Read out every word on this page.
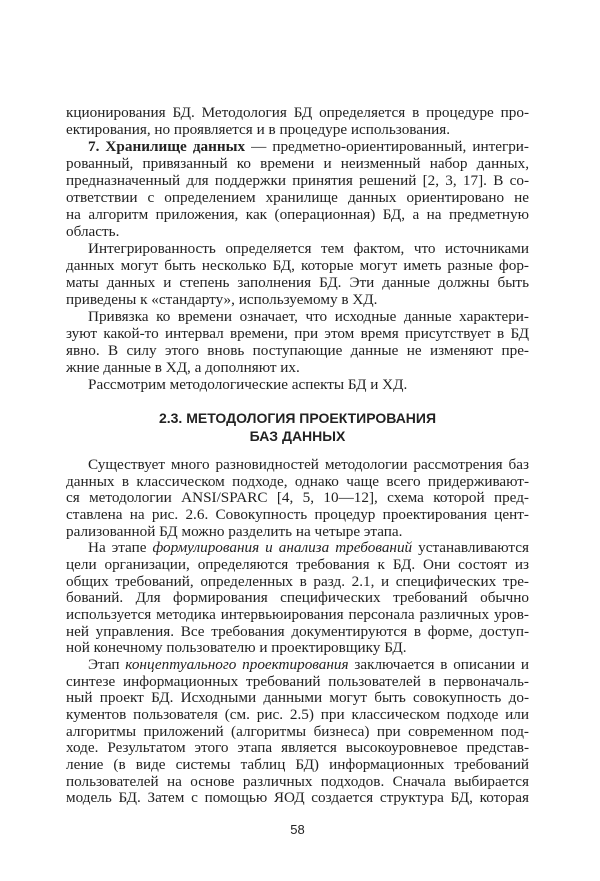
кционирования БД. Методология БД определяется в процедуре про-
ектирования, но проявляется и в процедуре использования.
7. Хранилище данных — предметно-ориентированный, интегри-
рованный, привязанный ко времени и неизменный набор данных,
предназначенный для поддержки принятия решений [2, 3, 17]. В со-
ответствии с определением хранилище данных ориентировано не
на алгоритм приложения, как (операционная) БД, а на предметную
область.
Интегрированность определяется тем фактом, что источниками
данных могут быть несколько БД, которые могут иметь разные фор-
маты данных и степень заполнения БД. Эти данные должны быть
приведены к «стандарту», используемому в ХД.
Привязка ко времени означает, что исходные данные характери-
зуют какой-то интервал времени, при этом время присутствует в БД
явно. В силу этого вновь поступающие данные не изменяют пре-
жние данные в ХД, а дополняют их.
Рассмотрим методологические аспекты БД и ХД.
2.3. МЕТОДОЛОГИЯ ПРОЕКТИРОВАНИЯ
БАЗ ДАННЫХ
Существует много разновидностей методологии рассмотрения баз
данных в классическом подходе, однако чаще всего придерживают-
ся методологии ANSI/SPARC [4, 5, 10—12], схема которой пред-
ставлена на рис. 2.6. Совокупность процедур проектирования цент-
рализованной БД можно разделить на четыре этапа.
На этапе формулирования и анализа требований устанавливаются
цели организации, определяются требования к БД. Они состоят из
общих требований, определенных в разд. 2.1, и специфических тре-
бований. Для формирования специфических требований обычно
используется методика интервьюирования персонала различных уров-
ней управления. Все требования документируются в форме, доступ-
ной конечному пользователю и проектировщику БД.
Этап концептуального проектирования заключается в описании и
синтезе информационных требований пользователей в первоначаль-
ный проект БД. Исходными данными могут быть совокупность до-
кументов пользователя (см. рис. 2.5) при классическом подходе или
алгоритмы приложений (алгоритмы бизнеса) при современном под-
ходе. Результатом этого этапа является высокоуровневое представ-
ление (в виде системы таблиц БД) информационных требований
пользователей на основе различных подходов. Сначала выбирается
модель БД. Затем с помощью ЯОД создается структура БД, которая
58
